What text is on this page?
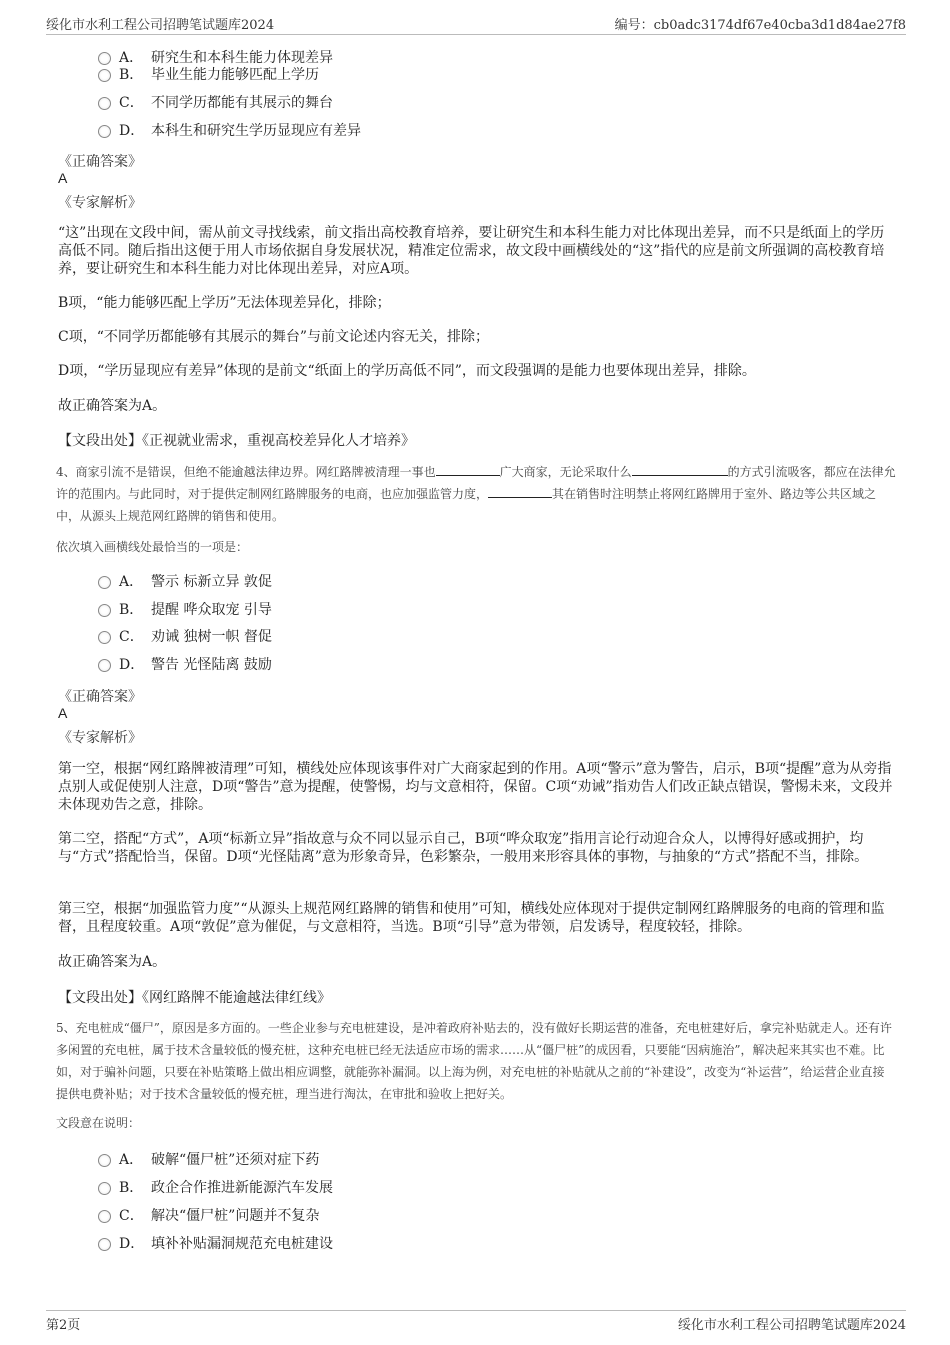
绥化市水利工程公司招聘笔试题库2024	编号：cb0adc3174df67e40cba3d1d84ae27f8
A． 研究生和本科生能力体现差异
B． 毕业生能力能够匹配上学历
C． 不同学历都能有其展示的舞台
D． 本科生和研究生学历显现应有差异
《正确答案》
A
《专家解析》
“这”出现在文段中间，需从前文寻找线索，前文指出高校教育培养，要让研究生和本科生能力对比体现出差异，而不只是纸面上的学历高低不同。随后指出这便于用人市场依据自身发展状况，精准定位需求，故文段中画横线处的“这”指代的应是前文所强调的高校教育培养，要让研究生和本科生能力对比体现出差异，对应A项。
B项，“能力能够匹配上学历”无法体现差异化，排除；
C项，“不同学历都能够有其展示的舞台”与前文论述内容无关，排除；
D项，“学历显现应有差异”体现的是前文“纸面上的学历高低不同”，而文段强调的是能力也要体现出差异，排除。
故正确答案为A。
【文段出处】《正视就业需求，重视高校差异化人才培养》
4、商家引流不是错误，但绝不能逾越法律边界。网红路牌被清理一事也	广大商家，无论采取什么	的方式引流吸客，都应在法律允许的范围内。与此同时，对于提供定制网红路牌服务的电商，也应加强监管力度，	其在销售时注明禁止将网红路牌用于室外、路边等公共区域之中，从源头上规范网红路牌的销售和使用。
依次填入画横线处最恰当的一项是：
A． 警示 标新立异 敦促
B． 提醒 哗众取宠 引导
C． 劝诫 独树一帜 督促
D． 警告 光怪陆离 鼓励
《正确答案》
A
《专家解析》
第一空，根据“网红路牌被清理”可知，横线处应体现该事件对广大商家起到的作用。A项“警示”意为警告，启示，B项“提醒”意为从旁指点别人或促使别人注意，D项“警告”意为提醒，使警惕，均与文意相符，保留。C项“劝诫”指劝告人们改正缺点错误，警惕未来，文段并未体现劝告之意，排除。
第二空，搭配“方式”，A项“标新立异”指故意与众不同以显示自己，B项“哗众取宠”指用言论行动迎合众人，以博得好感或拥护，均与“方式”搭配恰当，保留。D项“光怪陆离”意为形象奇异，色彩繁杂，一般用来形容具体的事物，与抽象的“方式”搭配不当，排除。
第三空，根据“加强监管力度”“从源头上规范网红路牌的销售和使用”可知，横线处应体现对于提供定制网红路牌服务的电商的管理和监督，且程度较重。A项“敦促”意为催促，与文意相符，当选。B项“引导”意为带领，启发诱导，程度较轻，排除。
故正确答案为A。
【文段出处】《网红路牌不能逾越法律红线》
5、充电桩成“僵尸”，原因是多方面的。一些企业参与充电桩建设，是冲着政府补贴去的，没有做好长期运营的准备，充电桩建好后，拿完补贴就走人。还有许多闲置的充电桩，属于技术含量较低的慢充桩，这种充电桩已经无法适应市场的需求……从“僵尸桩”的成因看，只要能“因病施治”，解决起来其实也不难。比如，对于骗补问题，只要在补贴策略上做出相应调整，就能弥补漏洞。以上海为例，对充电桩的补贴就从之前的“补建设”，改变为“补运营”，给运营企业直接提供电费补贴；对于技术含量较低的慢充桩，理当进行淘汰，在审批和验收上把好关。
文段意在说明：
A． 破解“僵尸桩”还须对症下药
B． 政企合作推进新能源汽车发展
C． 解决“僵尸桩”问题并不复杂
D． 填补补贴漏洞规范充电桩建设
第2页	绥化市水利工程公司招聘笔试题库2024
